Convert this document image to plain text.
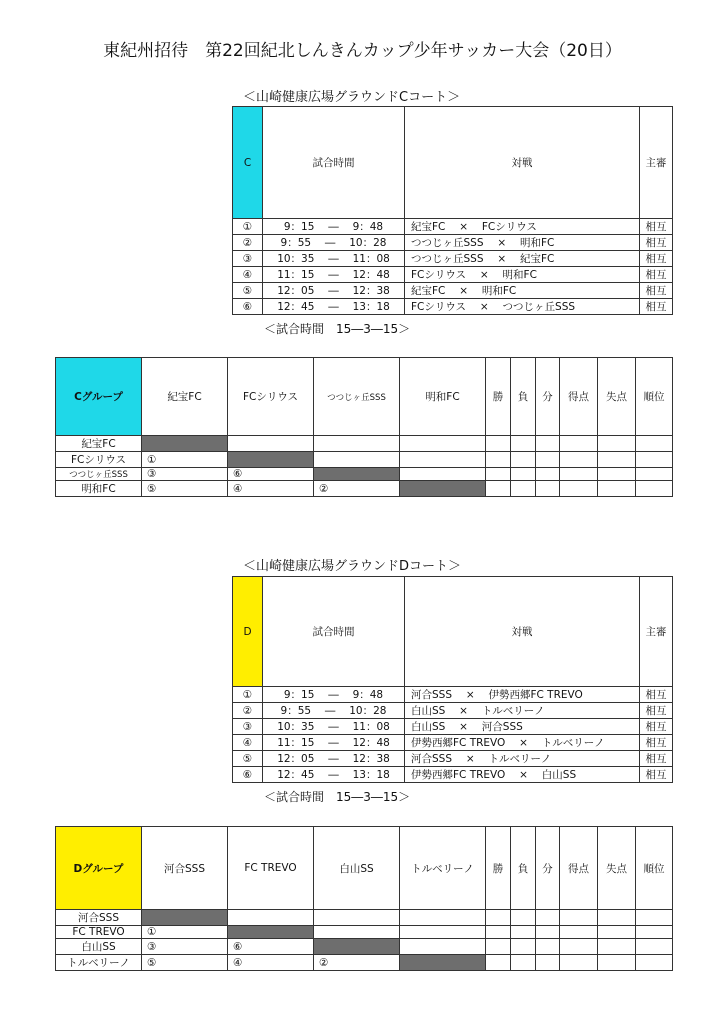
東紀州招待　第22回紀北しんきんカップ少年サッカー大会（20日）
＜山崎健康広場グラウンドCコート＞
C	試合時間	対戦	主審
①	9：15　 ―　 9：48	紀宝FC　 ×　 FCシリウス	相互
②	9：55　 ―　 10：28	つつじヶ丘SSS　 ×　 明和FC	相互
③	10：35　 ―　 11：08	つつじヶ丘SSS　 ×　 紀宝FC	相互
④	11：15　 ―　 12：48	FCシリウス　 ×　 明和FC	相互
⑤	12：05　 ―　 12：38	紀宝FC　 ×　 明和FC	相互
⑥	12：45　 ―　 13：18	FCシリウス　 ×　 つつじヶ丘SSS	相互
＜試合時間　15―3―15＞
Cグループ	紀宝FC	FCシリウス	つつじヶ丘SSS	明和FC	勝	負	分	得点	失点	順位
紀宝FC										
FCシリウス	①									
つつじヶ丘SSS	③	⑥								
明和FC	⑤	④	②							
＜山崎健康広場グラウンドDコート＞
D	試合時間	対戦	主審
①	9：15　 ―　 9：48	河合SSS　 ×　 伊勢西郷FC TREVO	相互
②	9：55　 ―　 10：28	白山SS　 ×　 トルベリーノ	相互
③	10：35　 ―　 11：08	白山SS　 ×　 河合SSS	相互
④	11：15　 ―　 12：48	伊勢西郷FC TREVO　 ×　 トルベリーノ	相互
⑤	12：05　 ―　 12：38	河合SSS　 ×　 トルベリーノ	相互
⑥	12：45　 ―　 13：18	伊勢西郷FC TREVO　 ×　 白山SS	相互
＜試合時間　15―3―15＞
Dグループ	河合SSS	FC TREVO	白山SS	トルベリーノ	勝	負	分	得点	失点	順位
河合SSS										
FC TREVO	①									
白山SS	③	⑥								
トルベリーノ	⑤	④	②							
